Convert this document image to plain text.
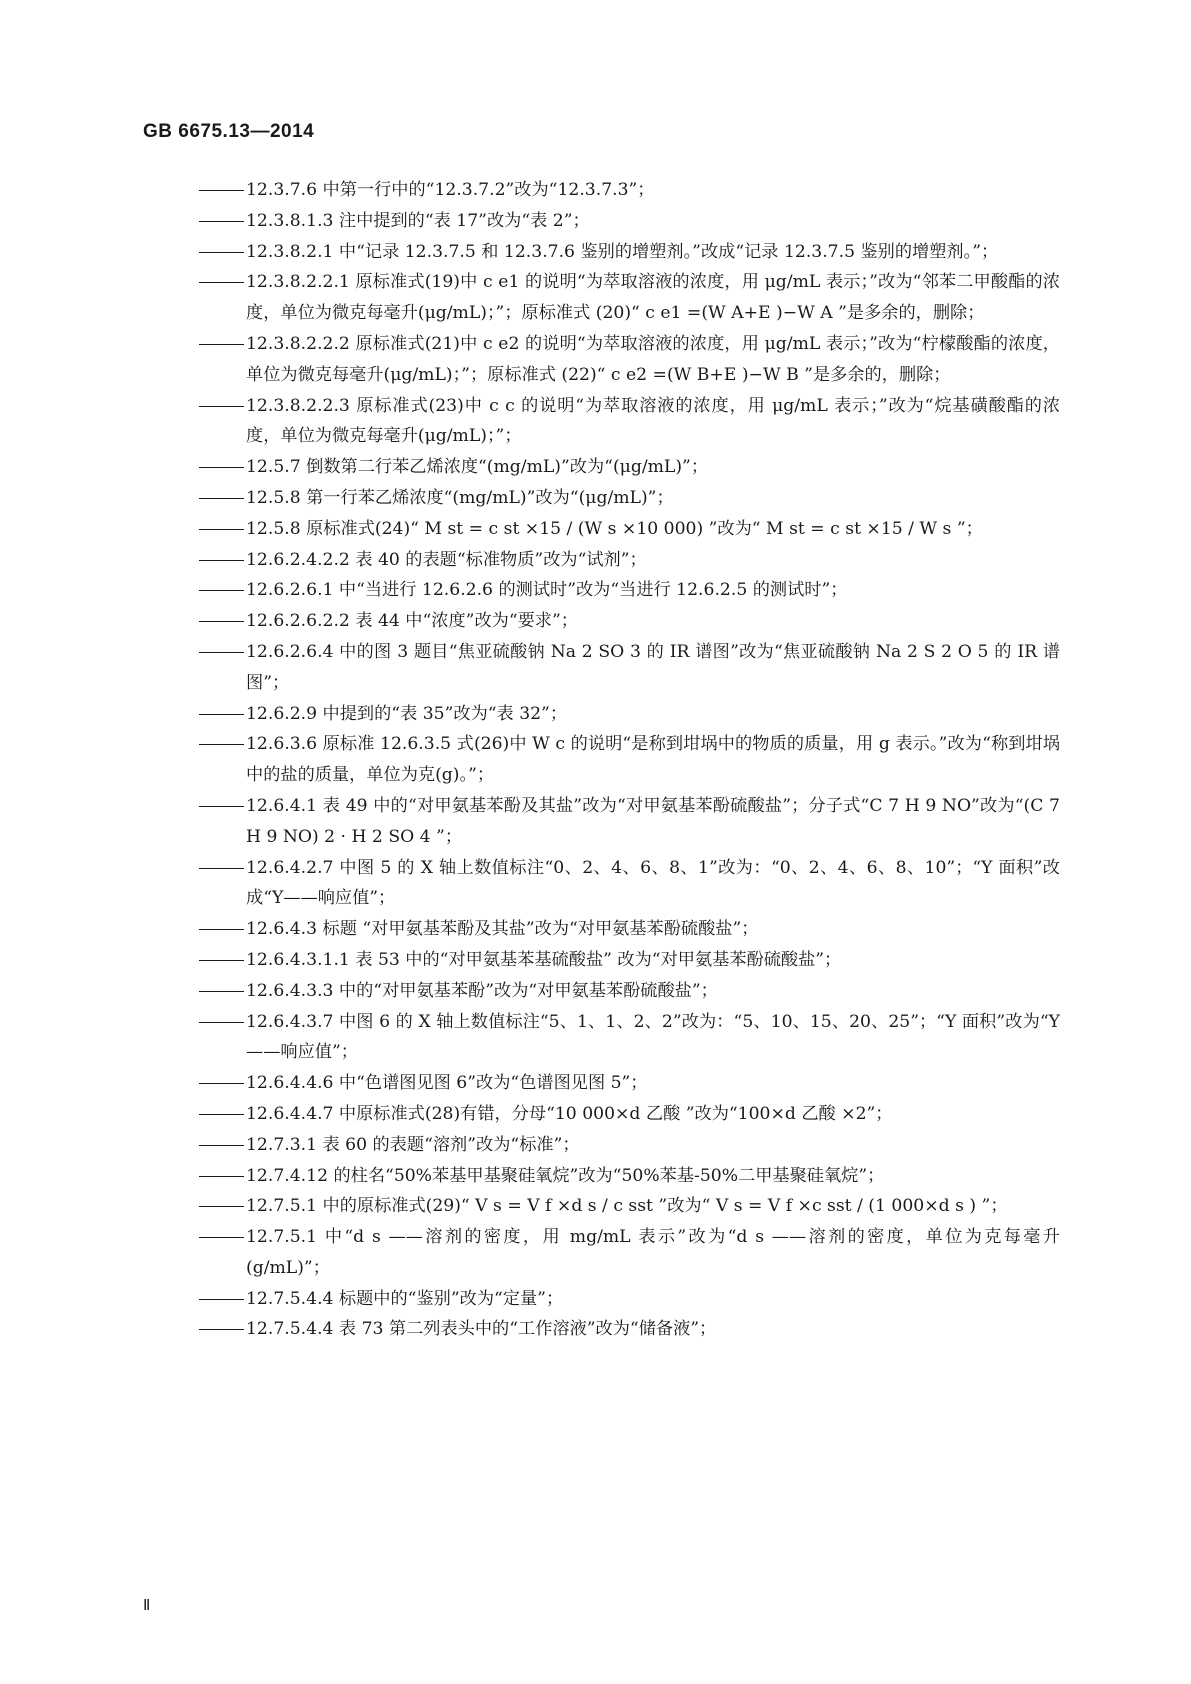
GB 6675.13—2014

12.3.7.6 中第一行中的“12.3.7.2”改为“12.3.7.3”；

12.3.8.1.3 注中提到的“表 17”改为“表 2”；

12.3.8.2.1 中“记录 12.3.7.5 和 12.3.7.6 鉴别的增塑剂。”改成“记录 12.3.7.5 鉴别的增塑剂。”；

12.3.8.2.2.1 原标准式(19)中 c e1 的说明“为萃取溶液的浓度，用 μg/mL 表示；”改为“邻苯二甲酸酯的浓度，单位为微克每毫升(μg/mL)；”；原标准式 (20)“ c e1 =(W A+E )−W A ”是多余的，删除；

12.3.8.2.2.2 原标准式(21)中 c e2 的说明“为萃取溶液的浓度，用 μg/mL 表示；”改为“柠檬酸酯的浓度，单位为微克每毫升(μg/mL)；”；原标准式 (22)“ c e2 =(W B+E )−W B ”是多余的，删除；

12.3.8.2.2.3 原标准式(23)中 c c 的说明“为萃取溶液的浓度，用 μg/mL 表示；”改为“烷基磺酸酯的浓度，单位为微克每毫升(μg/mL)；”；

12.5.7 倒数第二行苯乙烯浓度“(mg/mL)”改为“(μg/mL)”；

12.5.8 第一行苯乙烯浓度“(mg/mL)”改为“(μg/mL)”；

12.5.8 原标准式(24)“ M st = c st ×15 / (W s ×10 000) ”改为“ M st = c st ×15 / W s ”；

12.6.2.4.2.2 表 40 的表题“标准物质”改为“试剂”；

12.6.2.6.1 中“当进行 12.6.2.6 的测试时”改为“当进行 12.6.2.5 的测试时”；

12.6.2.6.2.2 表 44 中“浓度”改为“要求”；

12.6.2.6.4 中的图 3 题目“焦亚硫酸钠 Na 2 SO 3 的 IR 谱图”改为“焦亚硫酸钠 Na 2 S 2 O 5 的 IR 谱图”；

12.6.2.9 中提到的“表 35”改为“表 32”；

12.6.3.6 原标准 12.6.3.5 式(26)中 W c 的说明“是称到坩埚中的物质的质量，用 g 表示。”改为“称到坩埚中的盐的质量，单位为克(g)。”；

12.6.4.1 表 49 中的“对甲氨基苯酚及其盐”改为“对甲氨基苯酚硫酸盐”；分子式“C 7 H 9 NO”改为“(C 7 H 9 NO) 2 · H 2 SO 4 ”；

12.6.4.2.7 中图 5 的 X 轴上数值标注“0、2、4、6、8、1”改为：“0、2、4、6、8、10”；“Y 面积”改成“Y——响应值”；

12.6.4.3 标题 “对甲氨基苯酚及其盐”改为“对甲氨基苯酚硫酸盐”；

12.6.4.3.1.1 表 53 中的“对甲氨基苯基硫酸盐” 改为“对甲氨基苯酚硫酸盐”；

12.6.4.3.3 中的“对甲氨基苯酚”改为“对甲氨基苯酚硫酸盐”；

12.6.4.3.7 中图 6 的 X 轴上数值标注“5、1、1、2、2”改为：“5、10、15、20、25”；“Y 面积”改为“Y——响应值”；

12.6.4.4.6 中“色谱图见图 6”改为“色谱图见图 5”；

12.6.4.4.7 中原标准式(28)有错，分母“10 000×d 乙酸 ”改为“100×d 乙酸 ×2”；

12.7.3.1 表 60 的表题“溶剂”改为“标准”；

12.7.4.12 的柱名“50%苯基甲基聚硅氧烷”改为“50%苯基-50%二甲基聚硅氧烷”；

12.7.5.1 中的原标准式(29)“ V s = V f ×d s / c sst ”改为“ V s = V f ×c sst / (1 000×d s ) ”；

12.7.5.1 中“d s ——溶剂的密度，用 mg/mL 表示”改为“d s ——溶剂的密度，单位为克每毫升(g/mL)”；

12.7.5.4.4 标题中的“鉴别”改为“定量”；

12.7.5.4.4 表 73 第二列表头中的“工作溶液”改为“储备液”；

Ⅱ
